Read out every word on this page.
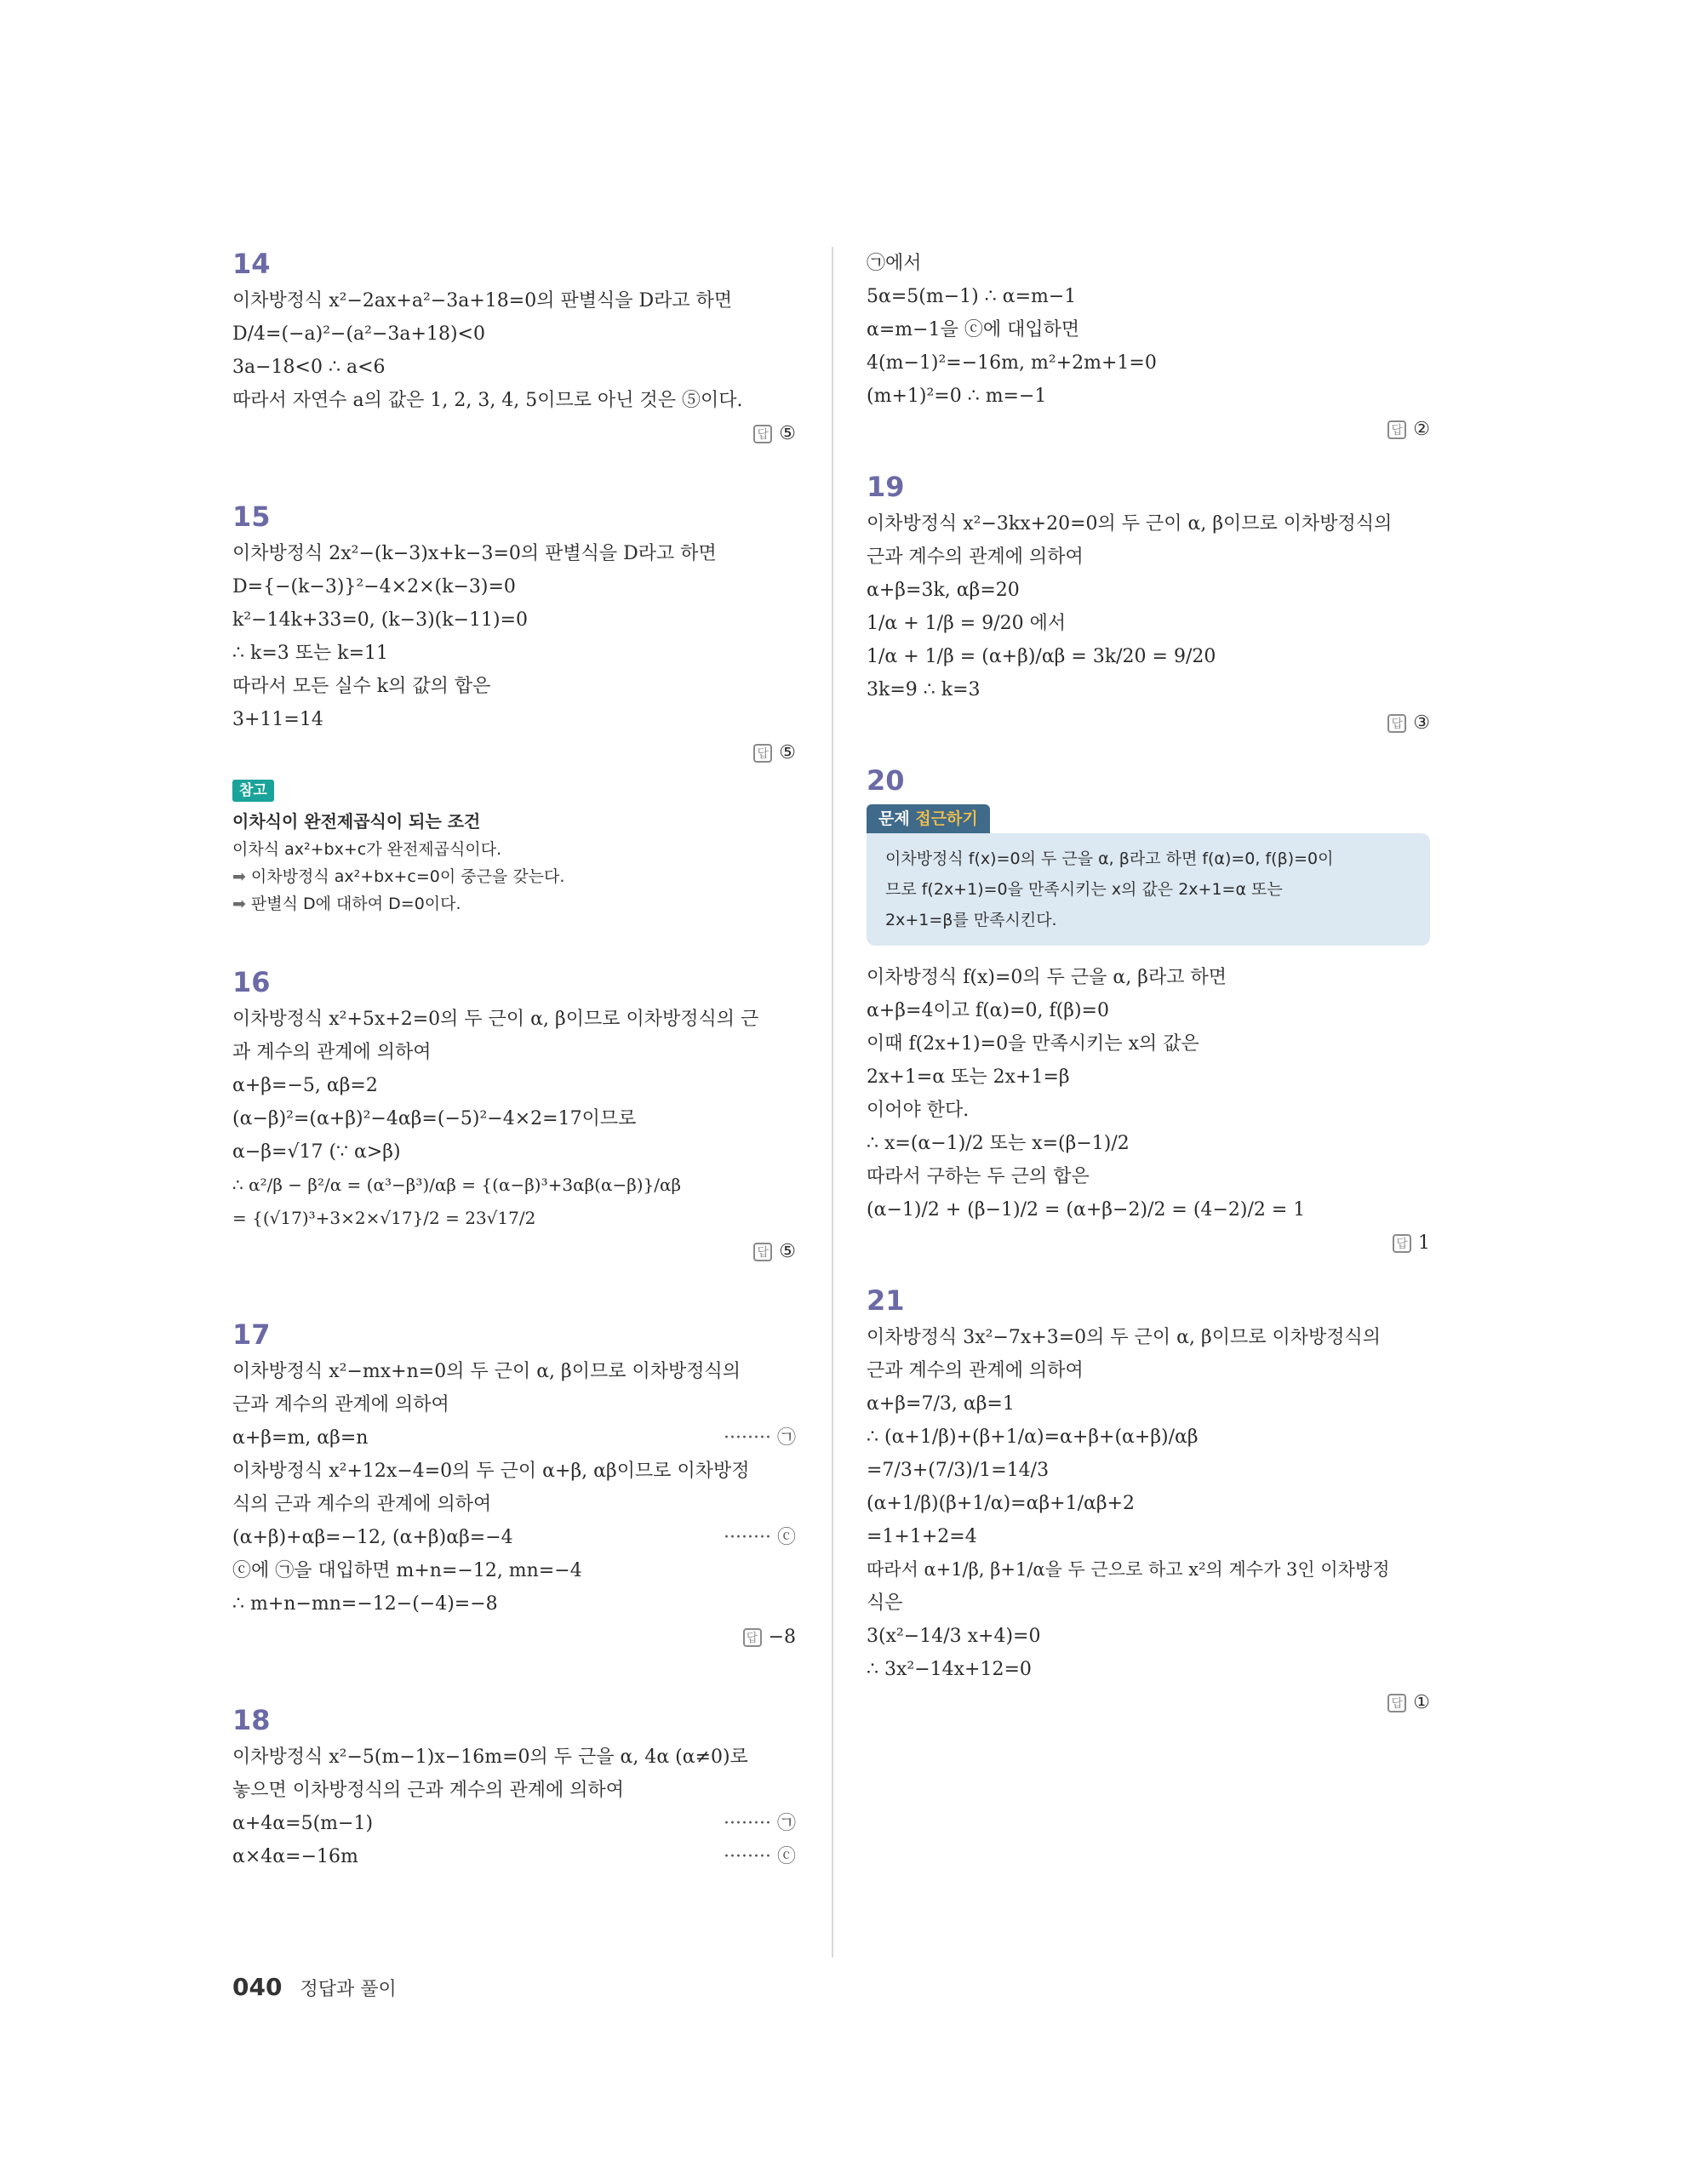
14
이차방정식 x²−2ax+a²−3a+18=0의 판별식을 D라고 하면
D/4=(−a)²−(a²−3a+18)<0
3a−18<0 ∴ a<6
따라서 자연수 a의 값은 1, 2, 3, 4, 5이므로 아닌 것은 ⑤이다.
답 ⑤
15
이차방정식 2x²−(k−3)x+k−3=0의 판별식을 D라고 하면
D={−(k−3)}²−4×2×(k−3)=0
k²−14k+33=0, (k−3)(k−11)=0
∴ k=3 또는 k=11
따라서 모든 실수 k의 값의 합은
3+11=14
답 ⑤
참고
이차식이 완전제곱식이 되는 조건
이차식 ax²+bx+c가 완전제곱식이다.
➡ 이차방정식 ax²+bx+c=0이 중근을 갖는다.
➡ 판별식 D에 대하여 D=0이다.
16
이차방정식 x²+5x+2=0의 두 근이 α, β이므로 이차방정식의 근
과 계수의 관계에 의하여
α+β=−5, αβ=2
(α−β)²=(α+β)²−4αβ=(−5)²−4×2=17이므로
α−β=√17 (∵ α>β)
∴ α²/β − β²/α = (α³−β³)/αβ = {(α−β)³+3αβ(α−β)}/αβ
= {(√17)³+3×2×√17}/2 = 23√17/2
답 ⑤
17
이차방정식 x²−mx+n=0의 두 근이 α, β이므로 이차방정식의
근과 계수의 관계에 의하여
α+β=m, αβ=n	········ ㉠
이차방정식 x²+12x−4=0의 두 근이 α+β, αβ이므로 이차방정
식의 근과 계수의 관계에 의하여
(α+β)+αβ=−12, (α+β)αβ=−4	········ ⓒ
ⓒ에 ㉠을 대입하면 m+n=−12, mn=−4
∴ m+n−mn=−12−(−4)=−8
답 −8
18
이차방정식 x²−5(m−1)x−16m=0의 두 근을 α, 4α (α≠0)로
놓으면 이차방정식의 근과 계수의 관계에 의하여
α+4α=5(m−1)	········ ㉠
α×4α=−16m	········ ⓒ
㉠에서
5α=5(m−1) ∴ α=m−1
α=m−1을 ⓒ에 대입하면
4(m−1)²=−16m, m²+2m+1=0
(m+1)²=0 ∴ m=−1
답 ②
19
이차방정식 x²−3kx+20=0의 두 근이 α, β이므로 이차방정식의
근과 계수의 관계에 의하여
α+β=3k, αβ=20
1/α + 1/β = 9/20 에서
1/α + 1/β = (α+β)/αβ = 3k/20 = 9/20
3k=9 ∴ k=3
답 ③
20
문제 접근하기
이차방정식 f(x)=0의 두 근을 α, β라고 하면 f(α)=0, f(β)=0이
므로 f(2x+1)=0을 만족시키는 x의 값은 2x+1=α 또는
2x+1=β를 만족시킨다.
이차방정식 f(x)=0의 두 근을 α, β라고 하면
α+β=4이고 f(α)=0, f(β)=0
이때 f(2x+1)=0을 만족시키는 x의 값은
2x+1=α 또는 2x+1=β
이어야 한다.
∴ x=(α−1)/2 또는 x=(β−1)/2
따라서 구하는 두 근의 합은
(α−1)/2 + (β−1)/2 = (α+β−2)/2 = (4−2)/2 = 1
답 1
21
이차방정식 3x²−7x+3=0의 두 근이 α, β이므로 이차방정식의
근과 계수의 관계에 의하여
α+β=7/3, αβ=1
∴ (α+1/β)+(β+1/α)=α+β+(α+β)/αβ
=7/3+(7/3)/1=14/3
(α+1/β)(β+1/α)=αβ+1/αβ+2
=1+1+2=4
따라서 α+1/β, β+1/α을 두 근으로 하고 x²의 계수가 3인 이차방정
식은
3(x²−14/3 x+4)=0
∴ 3x²−14x+12=0
답 ①
040 정답과 풀이
